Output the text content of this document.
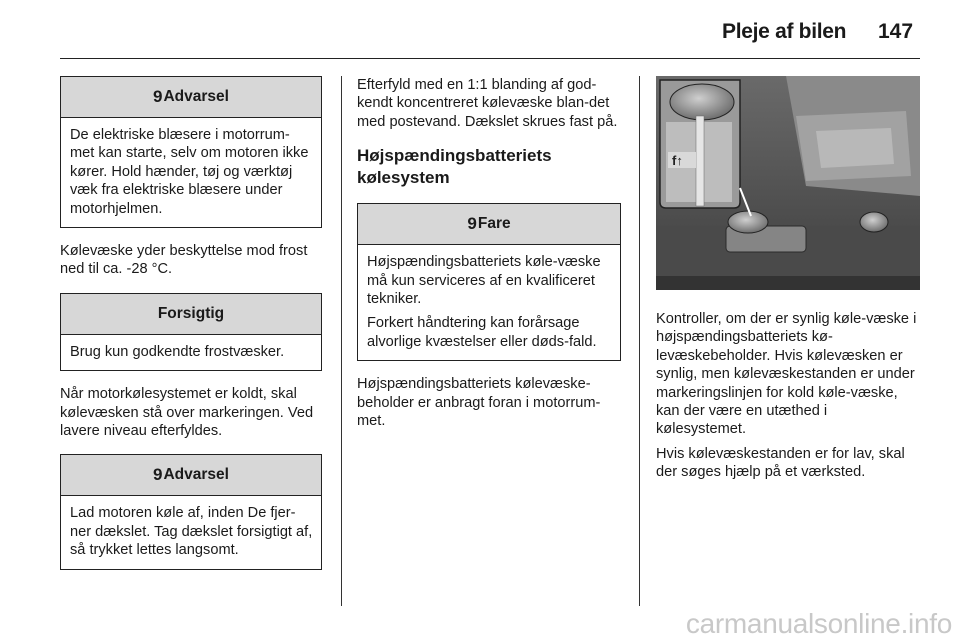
Pleje af bilen 147
9 Advarsel

De elektriske blæsere i motorrum-met kan starte, selv om motoren ikke kører. Hold hænder, tøj og værktøj væk fra elektriske blæsere under motorhjelmen.

Kølevæske yder beskyttelse mod frost ned til ca. -28 °C.

Forsigtig

Brug kun godkendte frostvæsker.

Når motorkølesystemet er koldt, skal kølevæsken stå over markeringen. Ved lavere niveau efterfyldes.

9 Advarsel

Lad motoren køle af, inden De fjer-ner dækslet. Tag dækslet forsigtigt af, så trykket lettes langsomt.

Efterfyld med en 1:1 blanding af god-kendt koncentreret kølevæske blan-det med postevand. Dækslet skrues fast på.

Højspændingsbatteriets kølesystem
9 Fare

Højspændingsbatteriets køle-væske må kun serviceres af en kvalificeret tekniker.

Forkert håndtering kan forårsage alvorlige kvæstelser eller døds-fald.

Højspændingsbatteriets kølevæske-beholder er anbragt foran i motorrum-met.

f↑

Kontroller, om der er synlig køle-væske i højspændingsbatteriets kø-levæskebeholder. Hvis kølevæsken er synlig, men kølevæskestanden er under markeringslinjen for kold køle-væske, kan der være en utæthed i kølesystemet.

Hvis kølevæskestanden er for lav, skal der søges hjælp på et værksted.

carmanualsonline.info
